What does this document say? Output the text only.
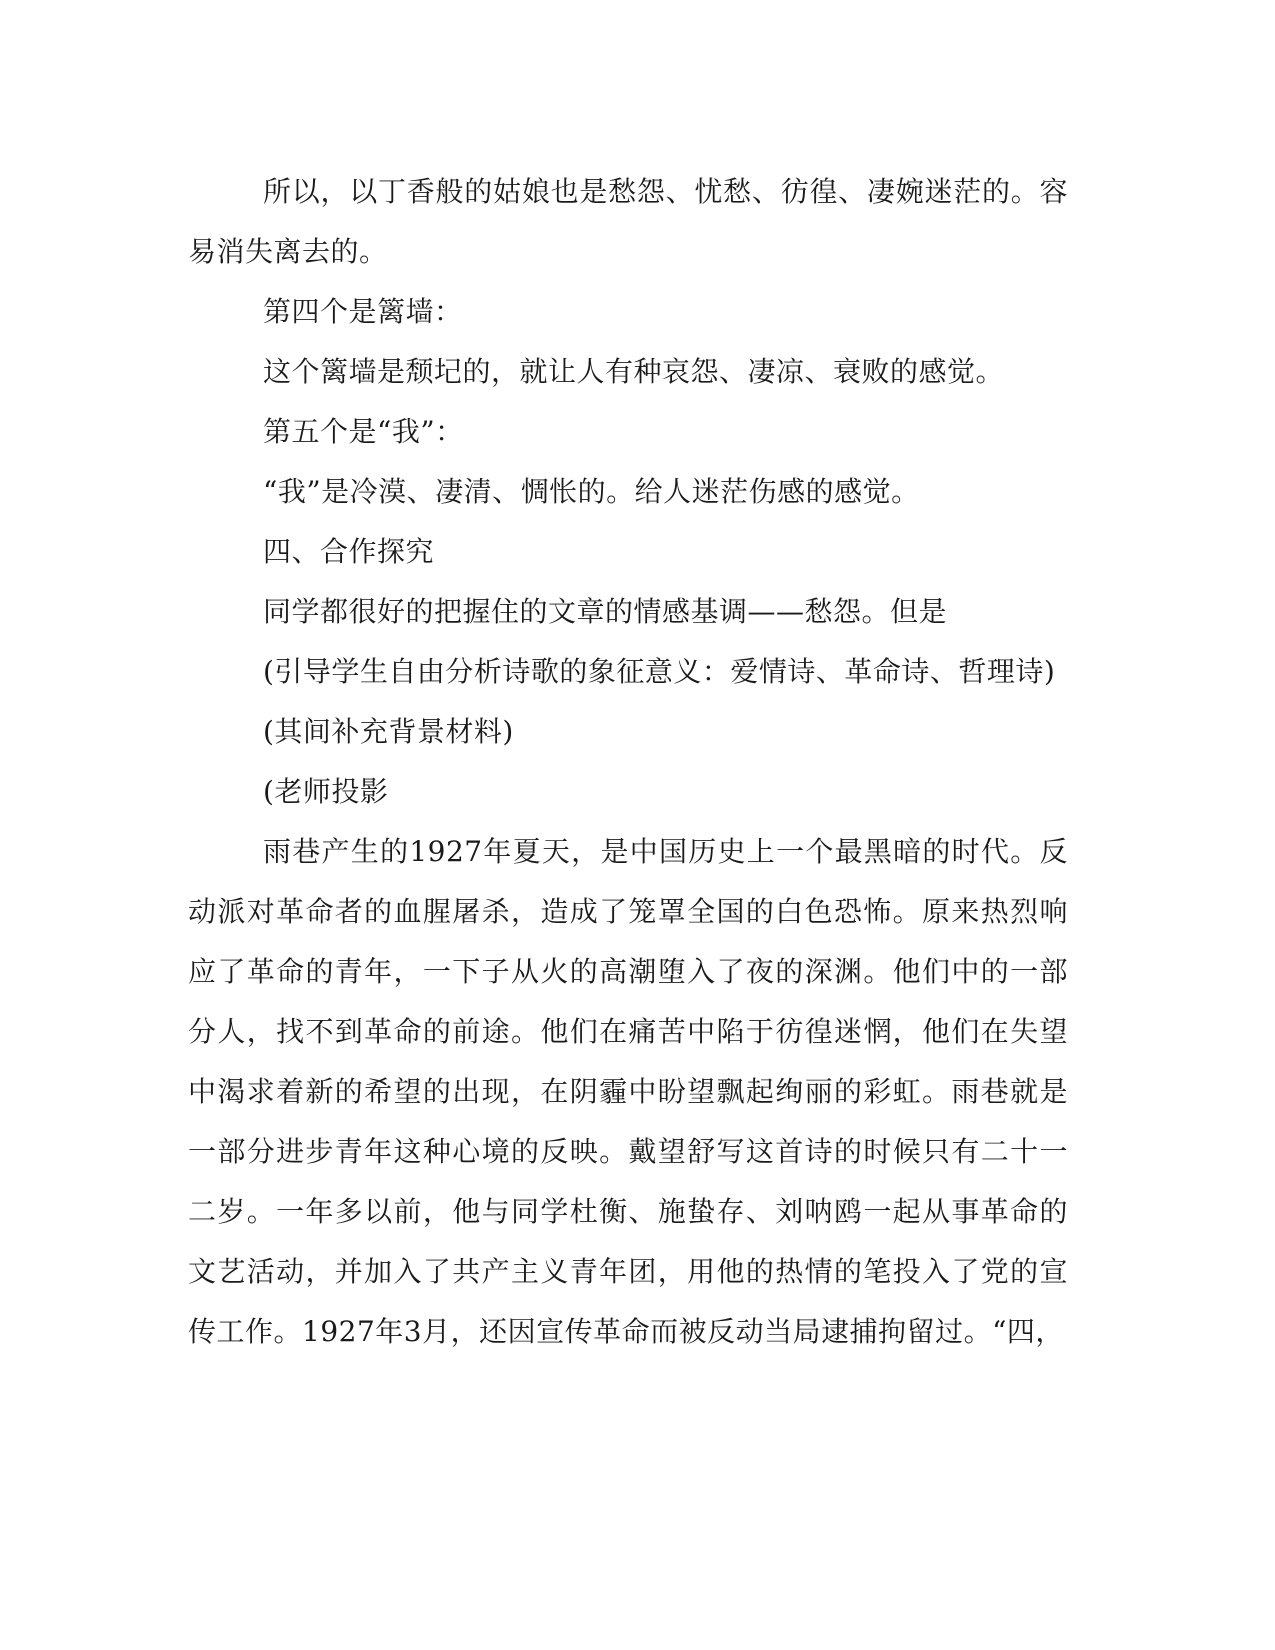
所以，以丁香般的姑娘也是愁怨、忧愁、彷徨、凄婉迷茫的。容易消失离去的。

第四个是篱墙：

这个篱墙是颓圮的，就让人有种哀怨、凄凉、衰败的感觉。

第五个是“我”：

“我”是冷漠、凄清、惆怅的。给人迷茫伤感的感觉。

四、合作探究

同学都很好的把握住的文章的情感基调——愁怨。但是

(引导学生自由分析诗歌的象征意义：爱情诗、革命诗、哲理诗)

(其间补充背景材料)

(老师投影

雨巷产生的1927年夏天，是中国历史上一个最黑暗的时代。反动派对革命者的血腥屠杀，造成了笼罩全国的白色恐怖。原来热烈响应了革命的青年，一下子从火的高潮堕入了夜的深渊。他们中的一部分人，找不到革命的前途。他们在痛苦中陷于彷徨迷惘，他们在失望中渴求着新的希望的出现，在阴霾中盼望飘起绚丽的彩虹。雨巷就是一部分进步青年这种心境的反映。戴望舒写这首诗的时候只有二十一二岁。一年多以前，他与同学杜衡、施蛰存、刘呐鸥一起从事革命的文艺活动，并加入了共产主义青年团，用他的热情的笔投入了党的宣传工作。1927年3月，还因宣传革命而被反动当局逮捕拘留过。“四，
